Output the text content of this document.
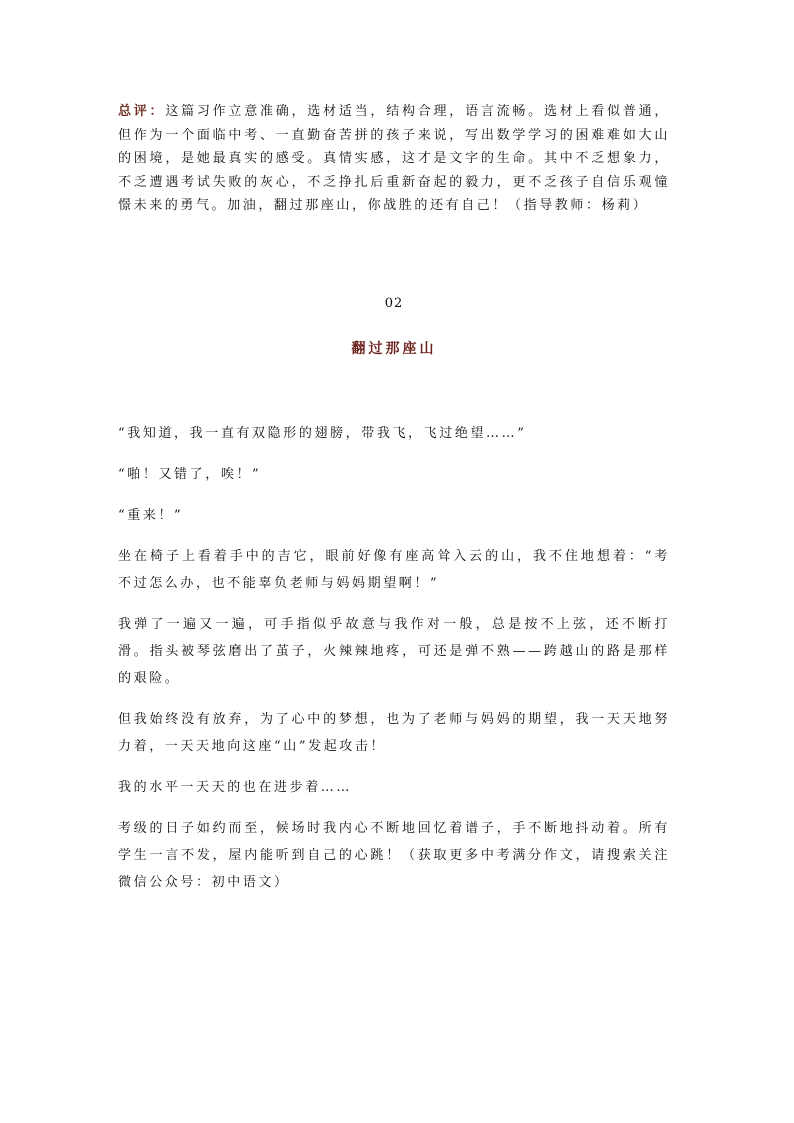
总评：这篇习作立意准确，选材适当，结构合理，语言流畅。选材上看似普通，但作为一个面临中考、一直勤奋苦拼的孩子来说，写出数学学习的困难难如大山的困境，是她最真实的感受。真情实感，这才是文字的生命。其中不乏想象力，不乏遭遇考试失败的灰心，不乏挣扎后重新奋起的毅力，更不乏孩子自信乐观憧憬未来的勇气。加油，翻过那座山，你战胜的还有自己！（指导教师：杨莉）

02
翻过那座山

“我知道，我一直有双隐形的翅膀，带我飞，飞过绝望……”

“啪！又错了，唉！”

“重来！”

坐在椅子上看着手中的吉它，眼前好像有座高耸入云的山，我不住地想着：“考不过怎么办，也不能辜负老师与妈妈期望啊！”

我弹了一遍又一遍，可手指似乎故意与我作对一般，总是按不上弦，还不断打滑。指头被琴弦磨出了茧子，火辣辣地疼，可还是弹不熟——跨越山的路是那样的艰险。

但我始终没有放弃，为了心中的梦想，也为了老师与妈妈的期望，我一天天地努力着，一天天地向这座“山”发起攻击！

我的水平一天天的也在进步着……

考级的日子如约而至，候场时我内心不断地回忆着谱子，手不断地抖动着。所有学生一言不发，屋内能听到自己的心跳！（获取更多中考满分作文，请搜索关注微信公众号：初中语文）
